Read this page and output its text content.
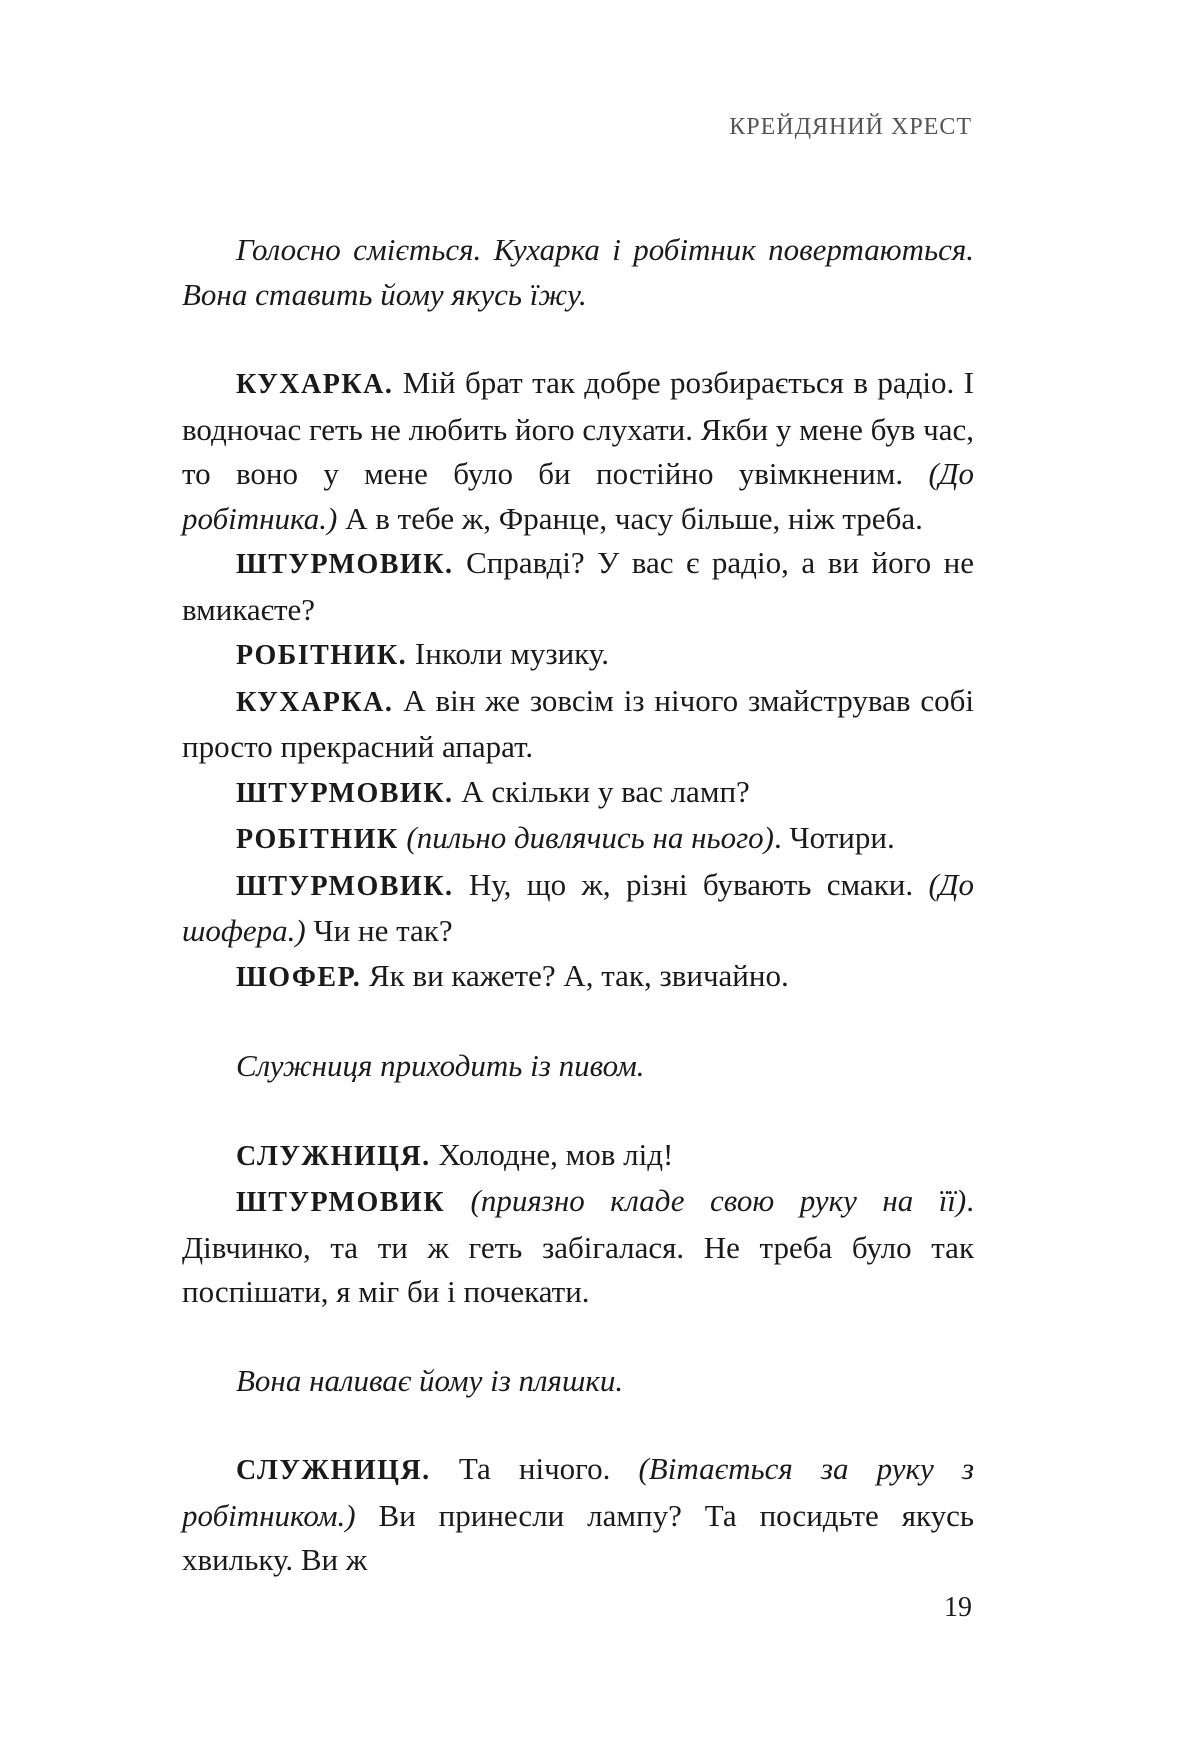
КРЕЙДЯНИЙ ХРЕСТ

Голосно сміється. Кухарка і робітник повертаються. Вона ставить йому якусь їжу.

КУХАРКА. Мій брат так добре розбирається в радіо. І водночас геть не любить його слухати. Якби у мене був час, то воно у мене було би постійно увімкненим. (До робітника.) А в тебе ж, Франце, часу більше, ніж треба.

ШТУРМОВИК. Справді? У вас є радіо, а ви його не вмикаєте?

РОБІТНИК. Інколи музику.

КУХАРКА. А він же зовсім із нічого змайстрував собі просто прекрасний апарат.

ШТУРМОВИК. А скільки у вас ламп?

РОБІТНИК (пильно дивлячись на нього). Чотири.

ШТУРМОВИК. Ну, що ж, різні бувають смаки. (До шофера.) Чи не так?

ШОФЕР. Як ви кажете? А, так, звичайно.

Служниця приходить із пивом.

СЛУЖНИЦЯ. Холодне, мов лід!

ШТУРМОВИК (приязно кладе свою руку на її). Дівчинко, та ти ж геть забігалася. Не треба було так поспішати, я міг би і почекати.

Вона наливає йому із пляшки.

СЛУЖНИЦЯ. Та нічого. (Вітається за руку з робітником.) Ви принесли лампу? Та посидьте якусь хвильку. Ви ж

19
